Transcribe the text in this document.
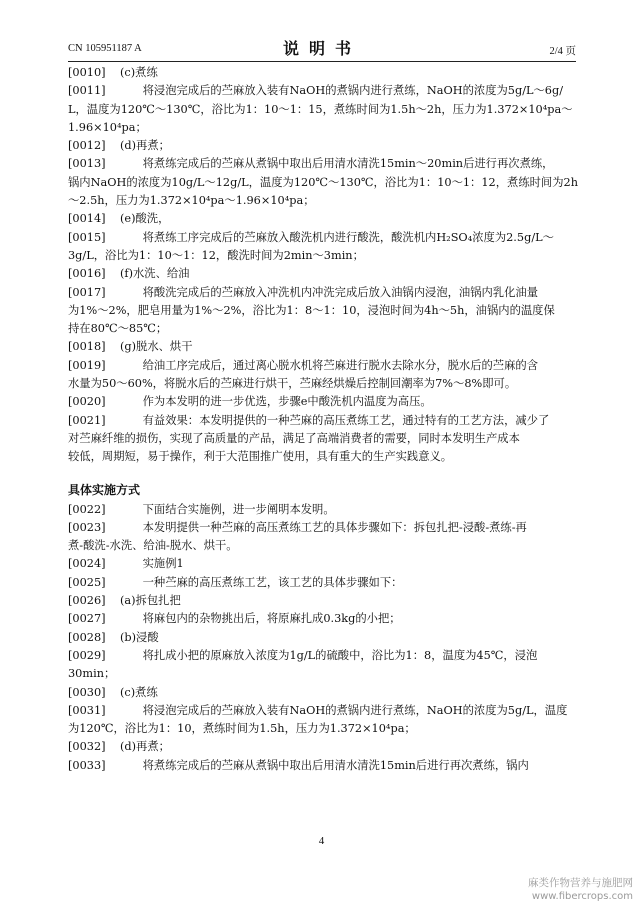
CN 105951187 A	说明书	2/4 页
[0010] (c)煮练
[0011] 　　将浸泡完成后的苎麻放入装有NaOH的煮锅内进行煮练，NaOH的浓度为5g/L～6g/
L，温度为120℃～130℃，浴比为1：10～1：15，煮练时间为1.5h～2h，压力为1.372×10⁴pa～
1.96×10⁴pa；
[0012] (d)再煮；
[0013] 　　将煮练完成后的苎麻从煮锅中取出后用清水清洗15min～20min后进行再次煮练，
锅内NaOH的浓度为10g/L～12g/L，温度为120℃～130℃，浴比为1：10～1：12，煮练时间为2h
～2.5h，压力为1.372×10⁴pa～1.96×10⁴pa；
[0014] (e)酸洗，
[0015] 　　将煮练工序完成后的苎麻放入酸洗机内进行酸洗，酸洗机内H₂SO₄浓度为2.5g/L～
3g/L，浴比为1：10～1：12，酸洗时间为2min～3min；
[0016] (f)水洗、给油
[0017] 　　将酸洗完成后的苎麻放入冲洗机内冲洗完成后放入油锅内浸泡，油锅内乳化油量
为1%～2%，肥皂用量为1%～2%，浴比为1：8～1：10，浸泡时间为4h～5h，油锅内的温度保
持在80℃～85℃；
[0018] (g)脱水、烘干
[0019] 　　给油工序完成后，通过离心脱水机将苎麻进行脱水去除水分，脱水后的苎麻的含
水量为50～60%，将脱水后的苎麻进行烘干，苎麻经烘燥后控制回潮率为7%～8%即可。
[0020] 　　作为本发明的进一步优选，步骤e中酸洗机内温度为高压。
[0021] 　　有益效果：本发明提供的一种苎麻的高压煮练工艺，通过特有的工艺方法，减少了
对苎麻纤维的损伤，实现了高质量的产品，满足了高端消费者的需要，同时本发明生产成本
较低，周期短，易于操作，利于大范围推广使用，具有重大的生产实践意义。
具体实施方式
[0022] 　　下面结合实施例，进一步阐明本发明。
[0023] 　　本发明提供一种苎麻的高压煮练工艺的具体步骤如下：拆包扎把-浸酸-煮练-再
煮-酸洗-水洗、给油-脱水、烘干。
[0024] 　　实施例1
[0025] 　　一种苎麻的高压煮练工艺，该工艺的具体步骤如下：
[0026] (a)拆包扎把
[0027] 　　将麻包内的杂物挑出后，将原麻扎成0.3kg的小把；
[0028] (b)浸酸
[0029] 　　将扎成小把的原麻放入浓度为1g/L的硫酸中，浴比为1：8，温度为45℃，浸泡
30min；
[0030] (c)煮练
[0031] 　　将浸泡完成后的苎麻放入装有NaOH的煮锅内进行煮练，NaOH的浓度为5g/L，温度
为120℃，浴比为1：10，煮练时间为1.5h，压力为1.372×10⁴pa；
[0032] (d)再煮；
[0033] 　　将煮练完成后的苎麻从煮锅中取出后用清水清洗15min后进行再次煮练，锅内
4
麻类作物营养与施肥网
www.fibercrops.com
